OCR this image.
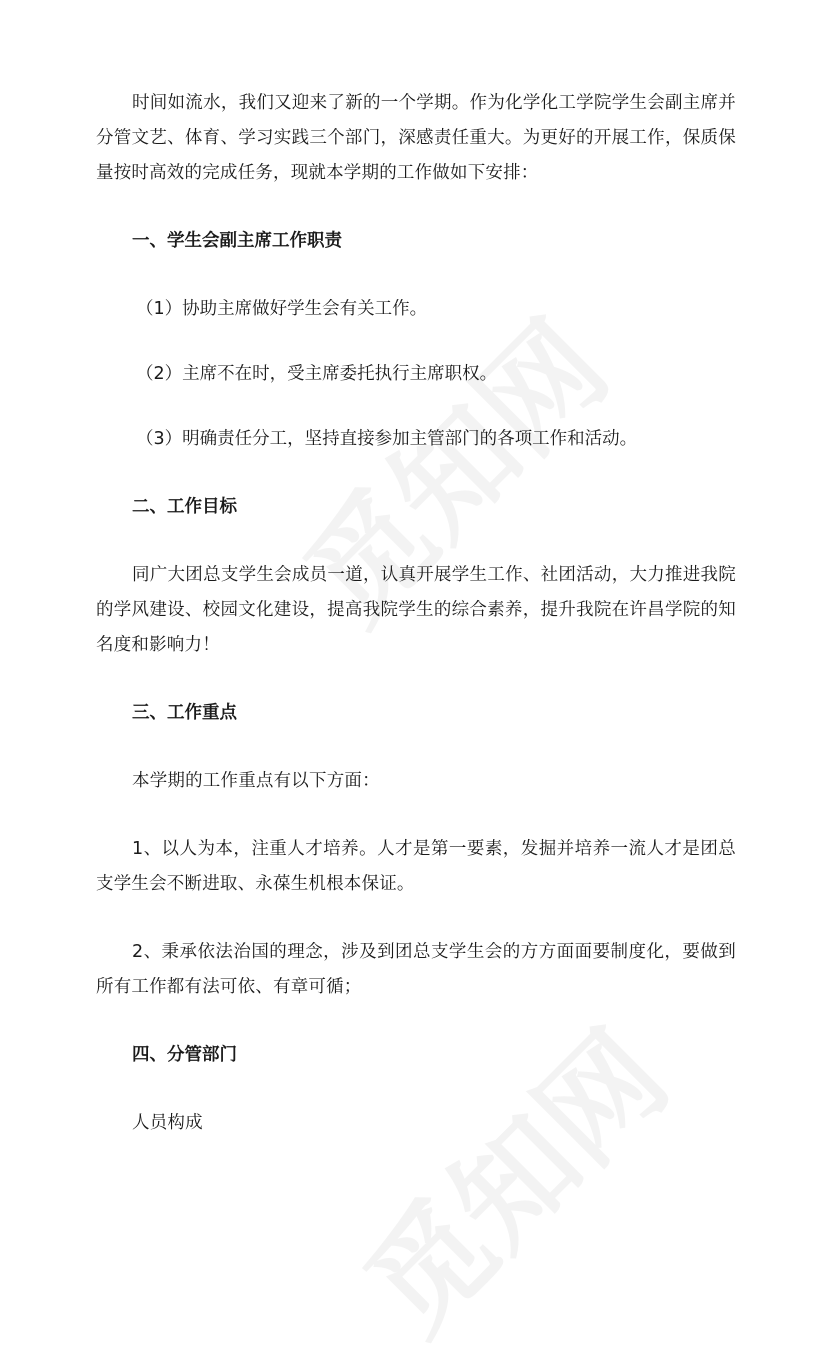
时间如流水，我们又迎来了新的一个学期。作为化学化工学院学生会副主席并分管文艺、体育、学习实践三个部门，深感责任重大。为更好的开展工作，保质保量按时高效的完成任务，现就本学期的工作做如下安排：

一、学生会副主席工作职责

（1）协助主席做好学生会有关工作。

（2）主席不在时，受主席委托执行主席职权。

（3）明确责任分工，坚持直接参加主管部门的各项工作和活动。

二、工作目标

同广大团总支学生会成员一道，认真开展学生工作、社团活动，大力推进我院的学风建设、校园文化建设，提高我院学生的综合素养，提升我院在许昌学院的知名度和影响力！

三、工作重点

本学期的工作重点有以下方面：

1、以人为本，注重人才培养。人才是第一要素，发掘并培养一流人才是团总支学生会不断进取、永葆生机根本保证。

2、秉承依法治国的理念，涉及到团总支学生会的方方面面要制度化，要做到所有工作都有法可依、有章可循；

四、分管部门

人员构成
